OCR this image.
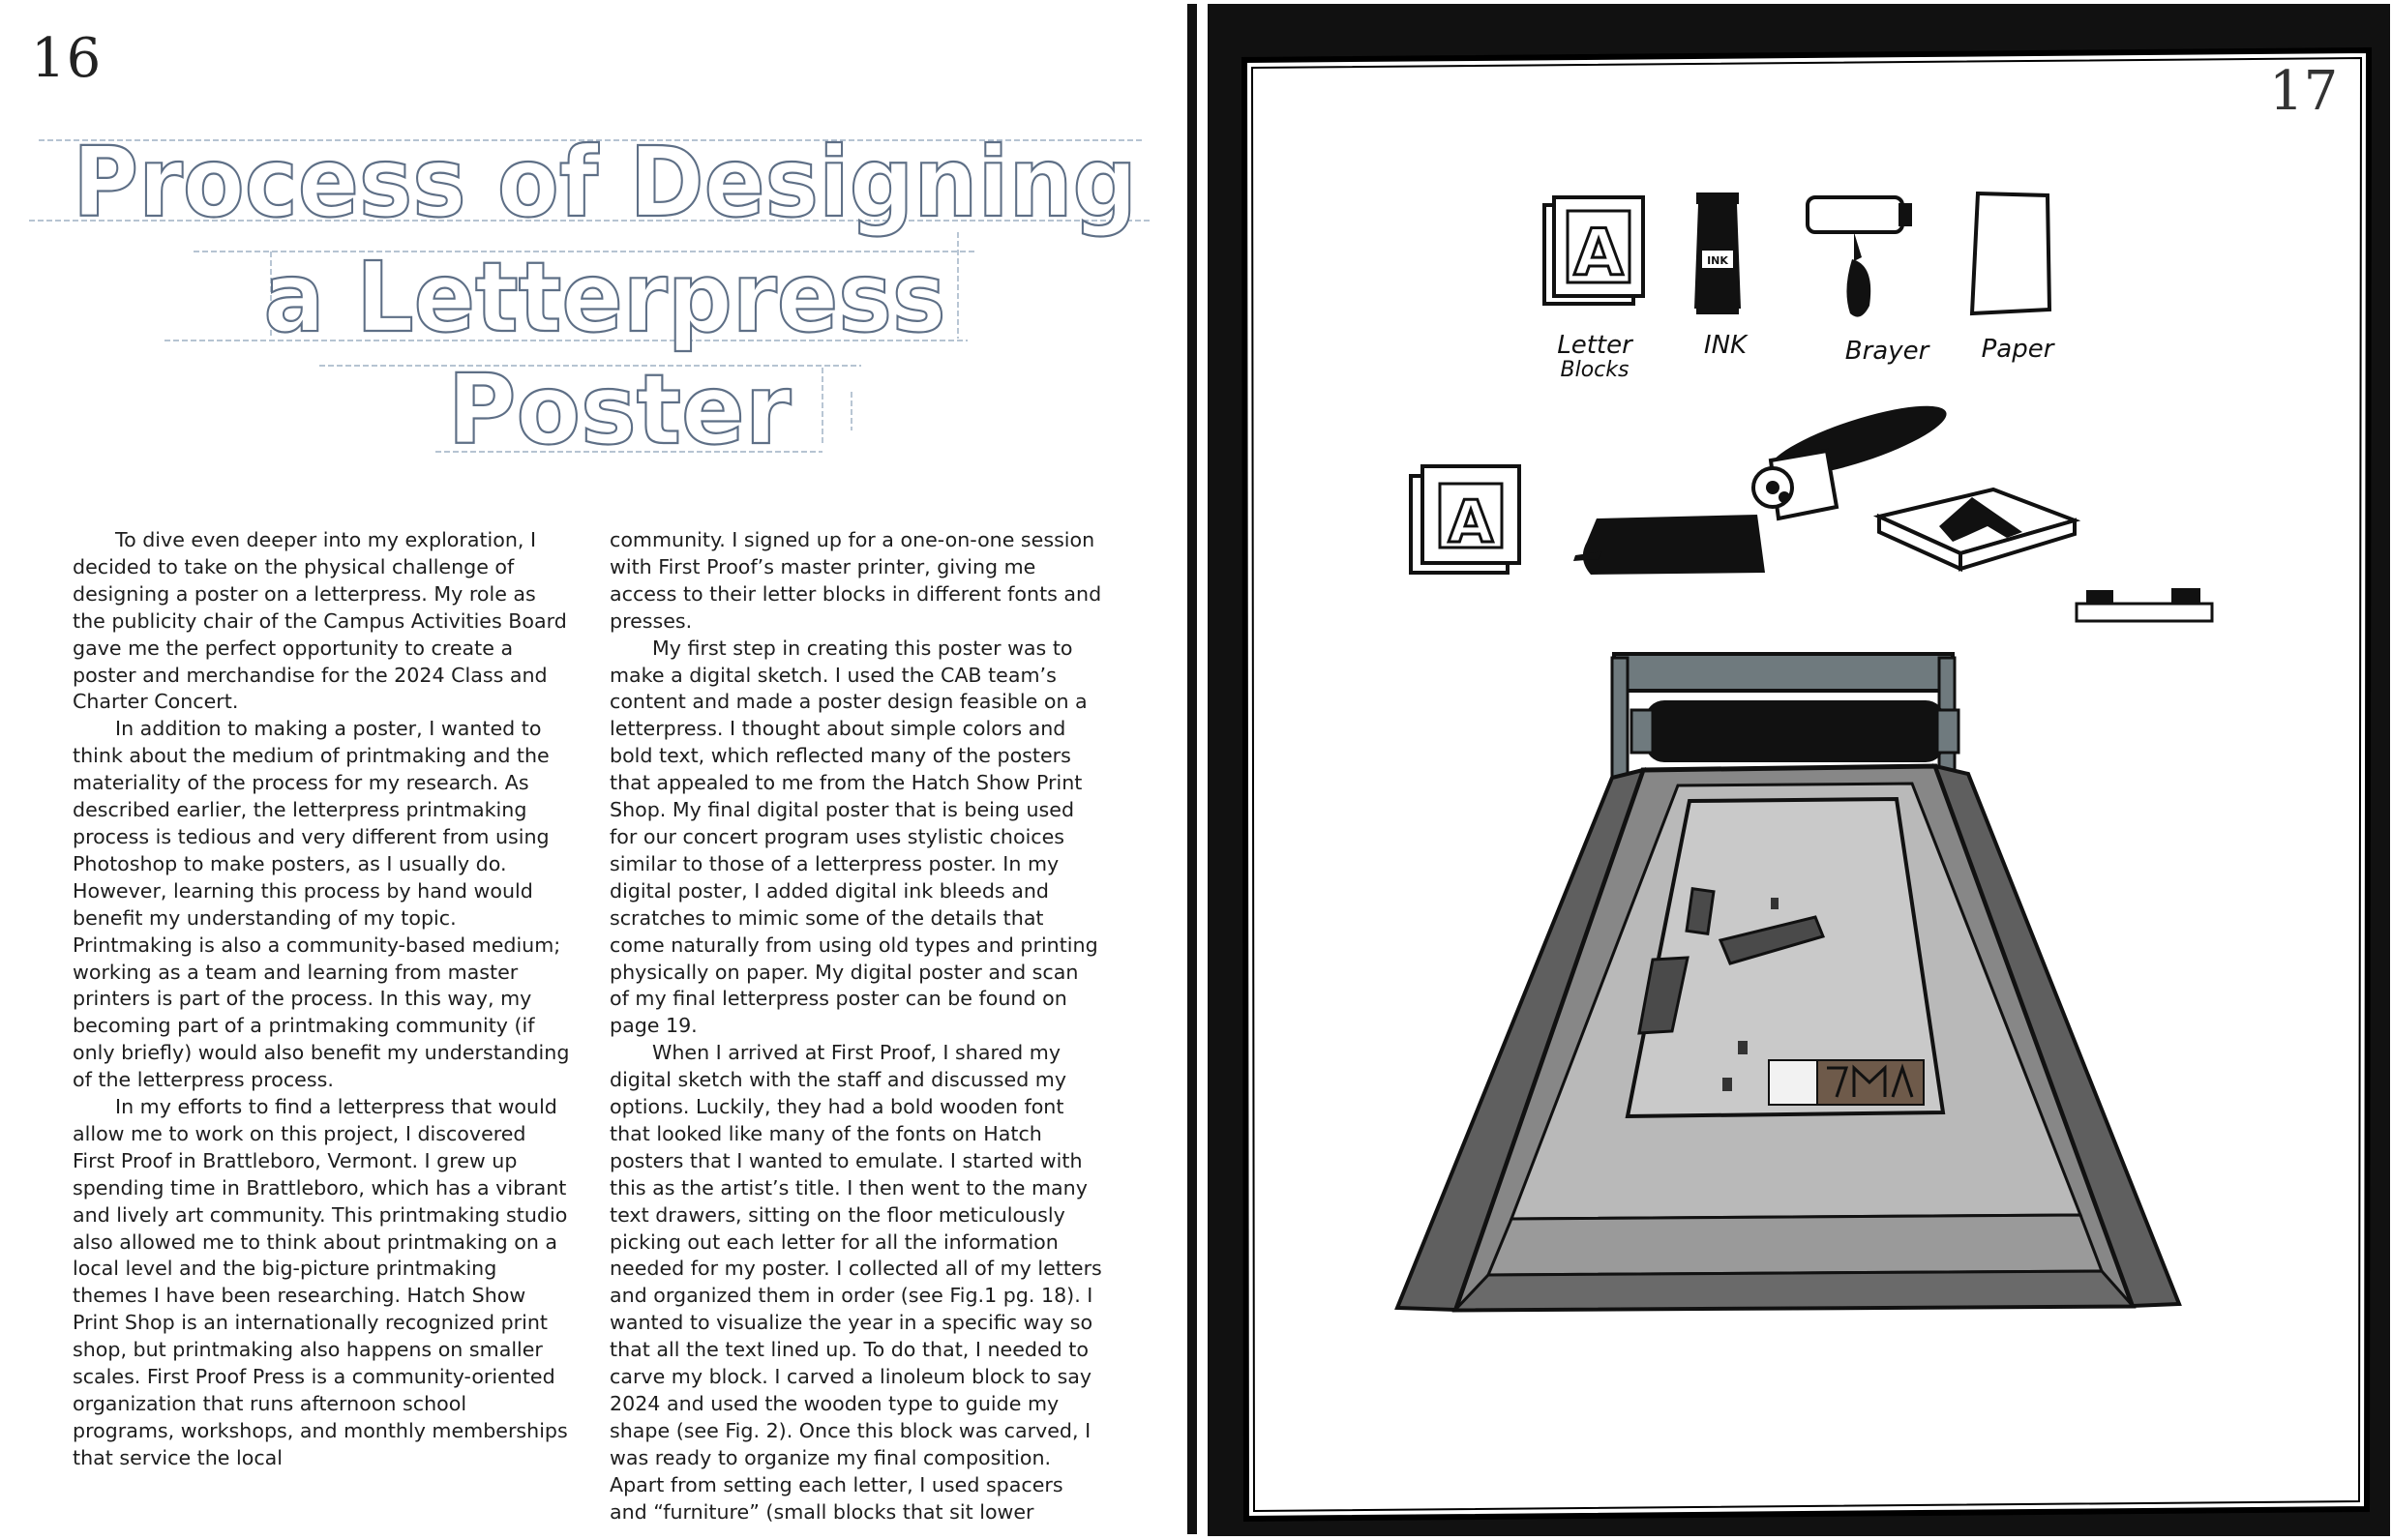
16
Process of Designing
a Letterpress
Poster

To dive even deeper into my exploration, I decided to take on the physical challenge of designing a poster on a letterpress. My role as the publicity chair of the Campus Activities Board gave me the perfect opportunity to create a poster and merchandise for the 2024 Class and Charter Concert.

In addition to making a poster, I wanted to think about the medium of printmaking and the materiality of the process for my research. As described earlier, the letterpress printmaking process is tedious and very different from using Photoshop to make posters, as I usually do. However, learning this process by hand would benefit my understanding of my topic. Printmaking is also a community-based medium; working as a team and learning from master printers is part of the process. In this way, my becoming part of a printmaking community (if only briefly) would also benefit my understanding of the letterpress process.

In my efforts to find a letterpress that would allow me to work on this project, I discovered First Proof in Brattleboro, Vermont. I grew up spending time in Brattleboro, which has a vibrant and lively art community. This printmaking studio also allowed me to think about printmaking on a local level and the big-picture printmaking themes I have been researching. Hatch Show Print Shop is an internationally recognized print shop, but printmaking also happens on smaller scales. First Proof Press is a community-oriented organization that runs afternoon school programs, workshops, and monthly memberships that service the local

community. I signed up for a one-on-one session with First Proof’s master printer, giving me access to their letter blocks in different fonts and presses.

My first step in creating this poster was to make a digital sketch. I used the CAB team’s content and made a poster design feasible on a letterpress. I thought about simple colors and bold text, which reflected many of the posters that appealed to me from the Hatch Show Print Shop. My final digital poster that is being used for our concert program uses stylistic choices similar to those of a letterpress poster. In my digital poster, I added digital ink bleeds and scratches to mimic some of the details that come naturally from using old types and printing physically on paper. My digital poster and scan of my final letterpress poster can be found on page 19.

When I arrived at First Proof, I shared my digital sketch with the staff and discussed my options. Luckily, they had a bold wooden font that looked like many of the fonts on Hatch posters that I wanted to emulate. I started with this as the artist’s title. I then went to the many text drawers, sitting on the floor meticulously picking out each letter for all the information needed for my poster. I collected all of my letters and organized them in order (see Fig.1 pg. 18). I wanted to visualize the year in a specific way so that all the text lined up. To do that, I needed to carve my block. I carved a linoleum block to say 2024 and used the wooden type to guide my shape (see Fig. 2). Once this block was carved, I was ready to organize my final composition. Apart from setting each letter, I used spacers and “furniture” (small blocks that sit lower

A	INK
A
17
Letter
Blocks
INK	Brayer	Paper
